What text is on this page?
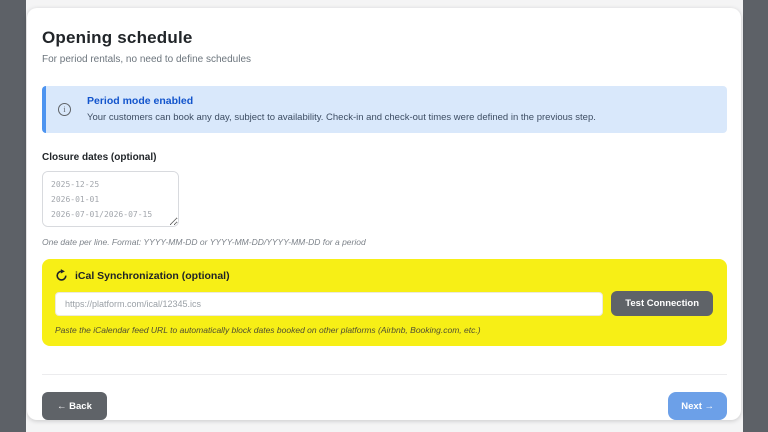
Opening schedule
For period rentals, no need to define schedules
i
Period mode enabled
Your customers can book any day, subject to availability. Check-in and check-out times were defined in the previous step.
Closure dates (optional)
2025-12-25 2026-01-01 2026-07-01/2026-07-15
One date per line. Format: YYYY-MM-DD or YYYY-MM-DD/YYYY-MM-DD for a period
iCal Synchronization (optional)
https://platform.com/ical/12345.ics
Test Connection
Paste the iCalendar feed URL to automatically block dates booked on other platforms (Airbnb, Booking.com, etc.)
← Back	Next →
